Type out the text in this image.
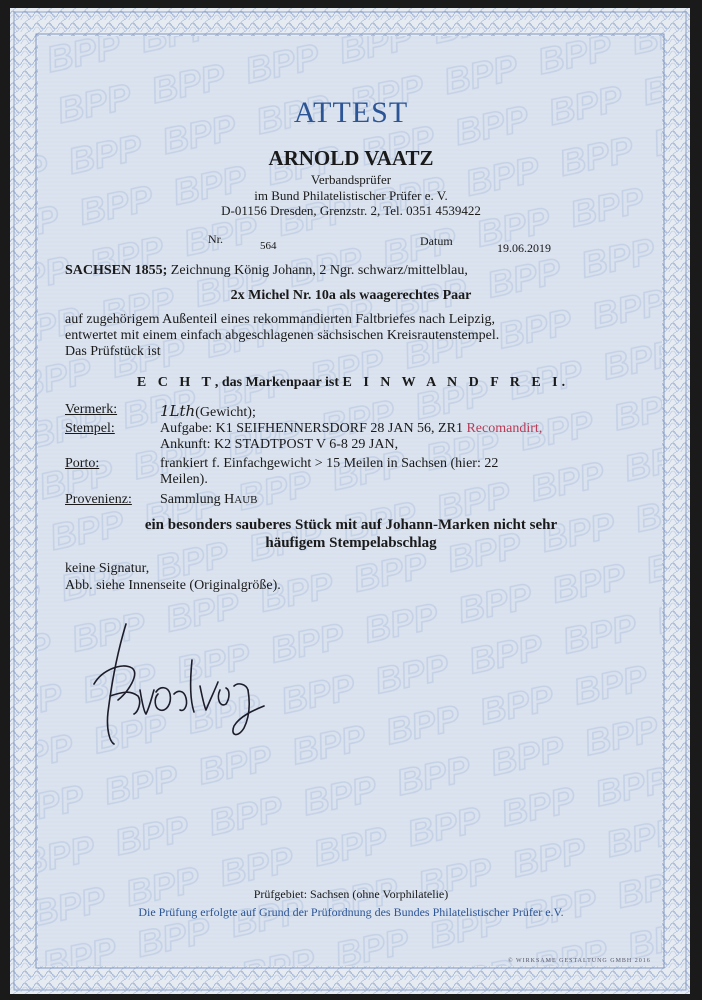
ATTEST
ARNOLD VAATZ
Verbandsprüfer
im Bund Philatelistischer Prüfer e. V.
D-01156 Dresden, Grenzstr. 2, Tel. 0351 4539422
Nr.	564	Datum	19.06.2019
SACHSEN 1855; Zeichnung König Johann, 2 Ngr. schwarz/mittelblau,
2x Michel Nr. 10a als waagerechtes Paar
auf zugehörigem Außenteil eines rekommandierten Faltbriefes nach Leipzig,
entwertet mit einem einfach abgeschlagenen sächsischen Kreisrautenstempel.
Das Prüfstück ist
E C H T, das Markenpaar ist E I N W A N D F R E I.
Vermerk:	1Lth(Gewicht);
Stempel:	Aufgabe: K1 SEIFHENNERSDORF 28 JAN 56, ZR1 Recomandirt,
Ankunft: K2 STADTPOST V 6-8 29 JAN,
Porto:	frankiert f. Einfachgewicht > 15 Meilen in Sachsen (hier: 22
Meilen).
Provenienz: Sammlung HAUB
ein besonders sauberes Stück mit auf Johann-Marken nicht sehr
häufigem Stempelabschlag
keine Signatur,
Abb. siehe Innenseite (Originalgröße).
Prüfgebiet: Sachsen (ohne Vorphilatelie)
Die Prüfung erfolgte auf Grund der Prüfordnung des Bundes Philatelistischer Prüfer e.V.
© WIRKSAME GESTALTUNG GMBH 2016
